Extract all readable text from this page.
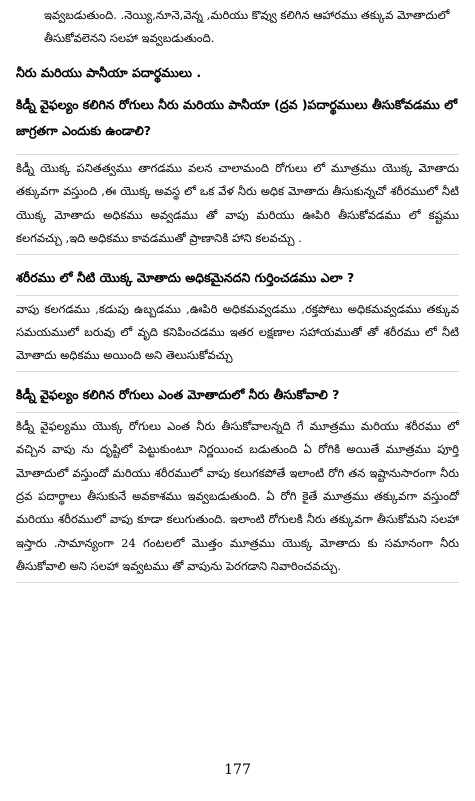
ఇవ్వబడుతుంది. .నెయ్యి,నూనె,వెన్న ,మరియు కొవ్వు కలిగిన ఆహారము తక్కువ మోతాదులో తీసుకోవలెనని సలహా ఇవ్వబడుతుంది.

నీరు మరియు పానీయా పదార్థములు .
కిడ్నీ వైఫల్యం కలిగిన రోగులు నీరు మరియు పానీయా (ద్రవ )పదార్థములు తీసుకోవడము లో జాగ్రతగా ఎందుకు ఉండాలి?
కిడ్నీ యొక్క పనితత్వము తాగడము వలన చాలామంది రోగులు లో మూత్రము యొక్క మోతాదు తక్కువగా వస్తుంది ,ఈ యొక్క అవస్థ లో ఒక వేళ నీరు అధిక మోతాదు తీసుకున్నచో శరీరములో నీటి యొక్క మోతాదు అధికము అవ్వడము తో వాపు మరియు ఊపిరి తీసుకోవడము లో కష్టము కలగవచ్చు ,ఇది అధికము కావడముతో ప్రాణానికి హాని కలవచ్చు .
శరీరము లో నీటి యొక్క మోతాదు అధికమైనదని గుర్తించడము ఎలా ?
వాపు కలగడము ,కడుపు ఉబ్బడము ,ఊపిరి అధికమవ్వడము ,రక్తపోటు అధికమవ్వడము తక్కువ సమయములో బరువు లో వృది కనిపించడము ఇతర లక్షణాల సహాయముతో తో శరీరము లో నీటి మోతాదు అధికము అయింది అని తెలుసుకోవచ్చు
కిడ్నీ వైఫల్యం కలిగిన రోగులు ఎంత మోతాదులో నీరు తీసుకోవాలి ?
కిడ్నీ వైఫల్యము యొక్క రోగులు ఎంత నీరు తీసుకోవాలన్నది గే మూత్రము మరియు శరీరము లో వచ్చిన వాపు ను దృష్టిలో పెట్టుకుంటూ నిర్ణయించ బడుతుంది ఏ రోగికి అయితే మూత్రము పూర్తి మోతాదులో వస్తుందో మరియు శరీరములో వాపు కలుగకపోతే ఇలాంటి రోగి తన ఇష్టానుసారంగా నీరు ద్రవ పదార్థాలు తీసుకునే అవకాశము ఇవ్వబడుతుంది. ఏ రోగి కైతే మూత్రము తక్కువగా వస్తుందో మరియు శరీరములో వాపు కూడా కలుగుతుంది. ఇలాంటి రోగులకి నీరు తక్కువగా తీసుకోమని సలహా ఇస్తారు .సామాన్యంగా 24 గంటలలో మొత్తం మూత్రము యొక్క మోతాదు కు సమానంగా నీరు తీసుకోవాలి అని సలహా ఇవ్వటము తో వాపును పెరగడాని నివారించవచ్చు.
177
